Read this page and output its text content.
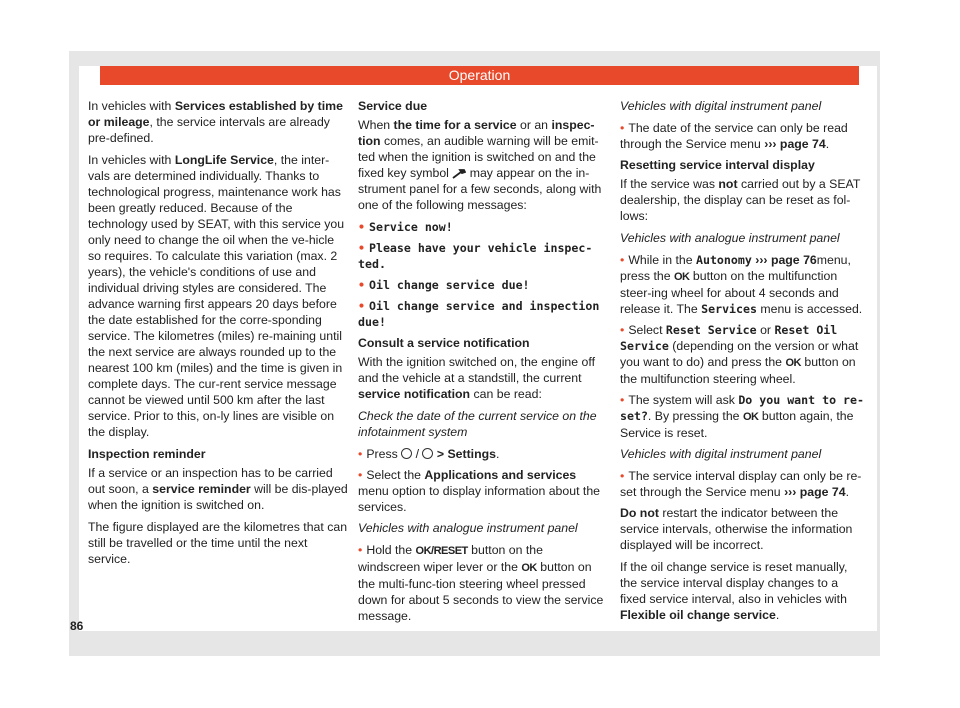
Operation

In vehicles with Services established by time or mileage, the service intervals are already pre-defined.

In vehicles with LongLife Service, the inter-vals are determined individually. Thanks to technological progress, maintenance work has been greatly reduced. Because of the technology used by SEAT, with this service you only need to change the oil when the ve-hicle so requires. To calculate this variation (max. 2 years), the vehicle's conditions of use and individual driving styles are considered. The advance warning first appears 20 days before the date established for the corre-sponding service. The kilometres (miles) re-maining until the next service are always rounded up to the nearest 100 km (miles) and the time is given in complete days. The cur-rent service message cannot be viewed until 500 km after the last service. Prior to this, on-ly lines are visible on the display.

Inspection reminder

If a service or an inspection has to be carried out soon, a service reminder will be dis-played when the ignition is switched on.

The figure displayed are the kilometres that can still be travelled or the time until the next service.

Service due

When the time for a service or an inspec-tion comes, an audible warning will be emit-ted when the ignition is switched on and the fixed key symbol  may appear on the in-strument panel for a few seconds, along with one of the following messages:

• Service now!

• Please have your vehicle inspec-ted.

• Oil change service due!

• Oil change service and inspection due!

Consult a service notification

With the ignition switched on, the engine off and the vehicle at a standstill, the current service notification can be read:

Check the date of the current service on the infotainment system

• Press  /  > Settings.

• Select the Applications and services menu option to display information about the services.

Vehicles with analogue instrument panel

• Hold the OK/RESET button on the windscreen wiper lever or the OK button on the multi-func-tion steering wheel pressed down for about 5 seconds to view the service message.

Vehicles with digital instrument panel

• The date of the service can only be read through the Service menu ››› page 74.

Resetting service interval display

If the service was not carried out by a SEAT dealership, the display can be reset as fol-lows:

Vehicles with analogue instrument panel

• While in the Autonomy ››› page 76menu, press the OK button on the multifunction steer-ing wheel for about 4 seconds and release it. The Services menu is accessed.

• Select Reset Service or Reset Oil Service (depending on the version or what you want to do) and press the OK button on the multifunction steering wheel.

• The system will ask Do you want to re-set?. By pressing the OK button again, the Service is reset.

Vehicles with digital instrument panel

• The service interval display can only be re-set through the Service menu ››› page 74.

Do not restart the indicator between the service intervals, otherwise the information displayed will be incorrect.

If the oil change service is reset manually, the service interval display changes to a fixed service interval, also in vehicles with Flexible oil change service.

86
